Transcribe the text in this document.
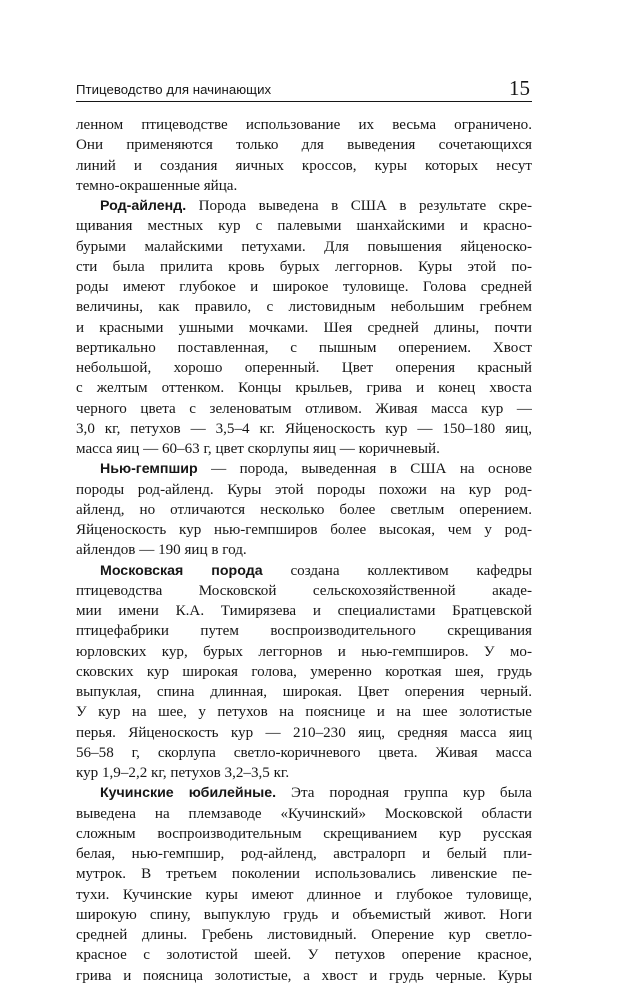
Птицеводство для начинающих	15
ленном птицеводстве использование их весьма ограничено.
Они применяются только для выведения сочетающихся
линий и создания яичных кроссов, куры которых несут
темно-окрашенные яйца.
Род-айленд. Порода выведена в США в результате скре-
щивания местных кур с палевыми шанхайскими и красно-
бурыми малайскими петухами. Для повышения яйценоско-
сти была прилита кровь бурых леггорнов. Куры этой по-
роды имеют глубокое и широкое туловище. Голова средней
величины, как правило, с листовидным небольшим гребнем
и красными ушными мочками. Шея средней длины, почти
вертикально поставленная, с пышным оперением. Хвост
небольшой, хорошо оперенный. Цвет оперения красный
с желтым оттенком. Концы крыльев, грива и конец хвоста
черного цвета с зеленоватым отливом. Живая масса кур —
3,0 кг, петухов — 3,5–4 кг. Яйценоскость кур — 150–180 яиц,
масса яиц — 60–63 г, цвет скорлупы яиц — коричневый.
Нью-гемпшир — порода, выведенная в США на основе
породы род-айленд. Куры этой породы похожи на кур род-
айленд, но отличаются несколько более светлым оперением.
Яйценоскость кур нью-гемпширов более высокая, чем у род-
айлендов — 190 яиц в год.
Московская порода создана коллективом кафедры
птицеводства Московской сельскохозяйственной акаде-
мии имени К.А. Тимирязева и специалистами Братцевской
птицефабрики путем воспроизводительного скрещивания
юрловских кур, бурых леггорнов и нью-гемпширов. У мо-
сковских кур широкая голова, умеренно короткая шея, грудь
выпуклая, спина длинная, широкая. Цвет оперения черный.
У кур на шее, у петухов на пояснице и на шее золотистые
перья. Яйценоскость кур — 210–230 яиц, средняя масса яиц
56–58 г, скорлупа светло-коричневого цвета. Живая масса
кур 1,9–2,2 кг, петухов 3,2–3,5 кг.
Кучинские юбилейные. Эта породная группа кур была
выведена на племзаводе «Кучинский» Московской области
сложным воспроизводительным скрещиванием кур русская
белая, нью-гемпшир, род-айленд, австралорп и белый пли-
мутрок. В третьем поколении использовались ливенские пе-
тухи. Кучинские куры имеют длинное и глубокое туловище,
широкую спину, выпуклую грудь и объемистый живот. Ноги
средней длины. Гребень листовидный. Оперение кур светло-
красное с золотистой шеей. У петухов оперение красное,
грива и поясница золотистые, а хвост и грудь черные. Куры
